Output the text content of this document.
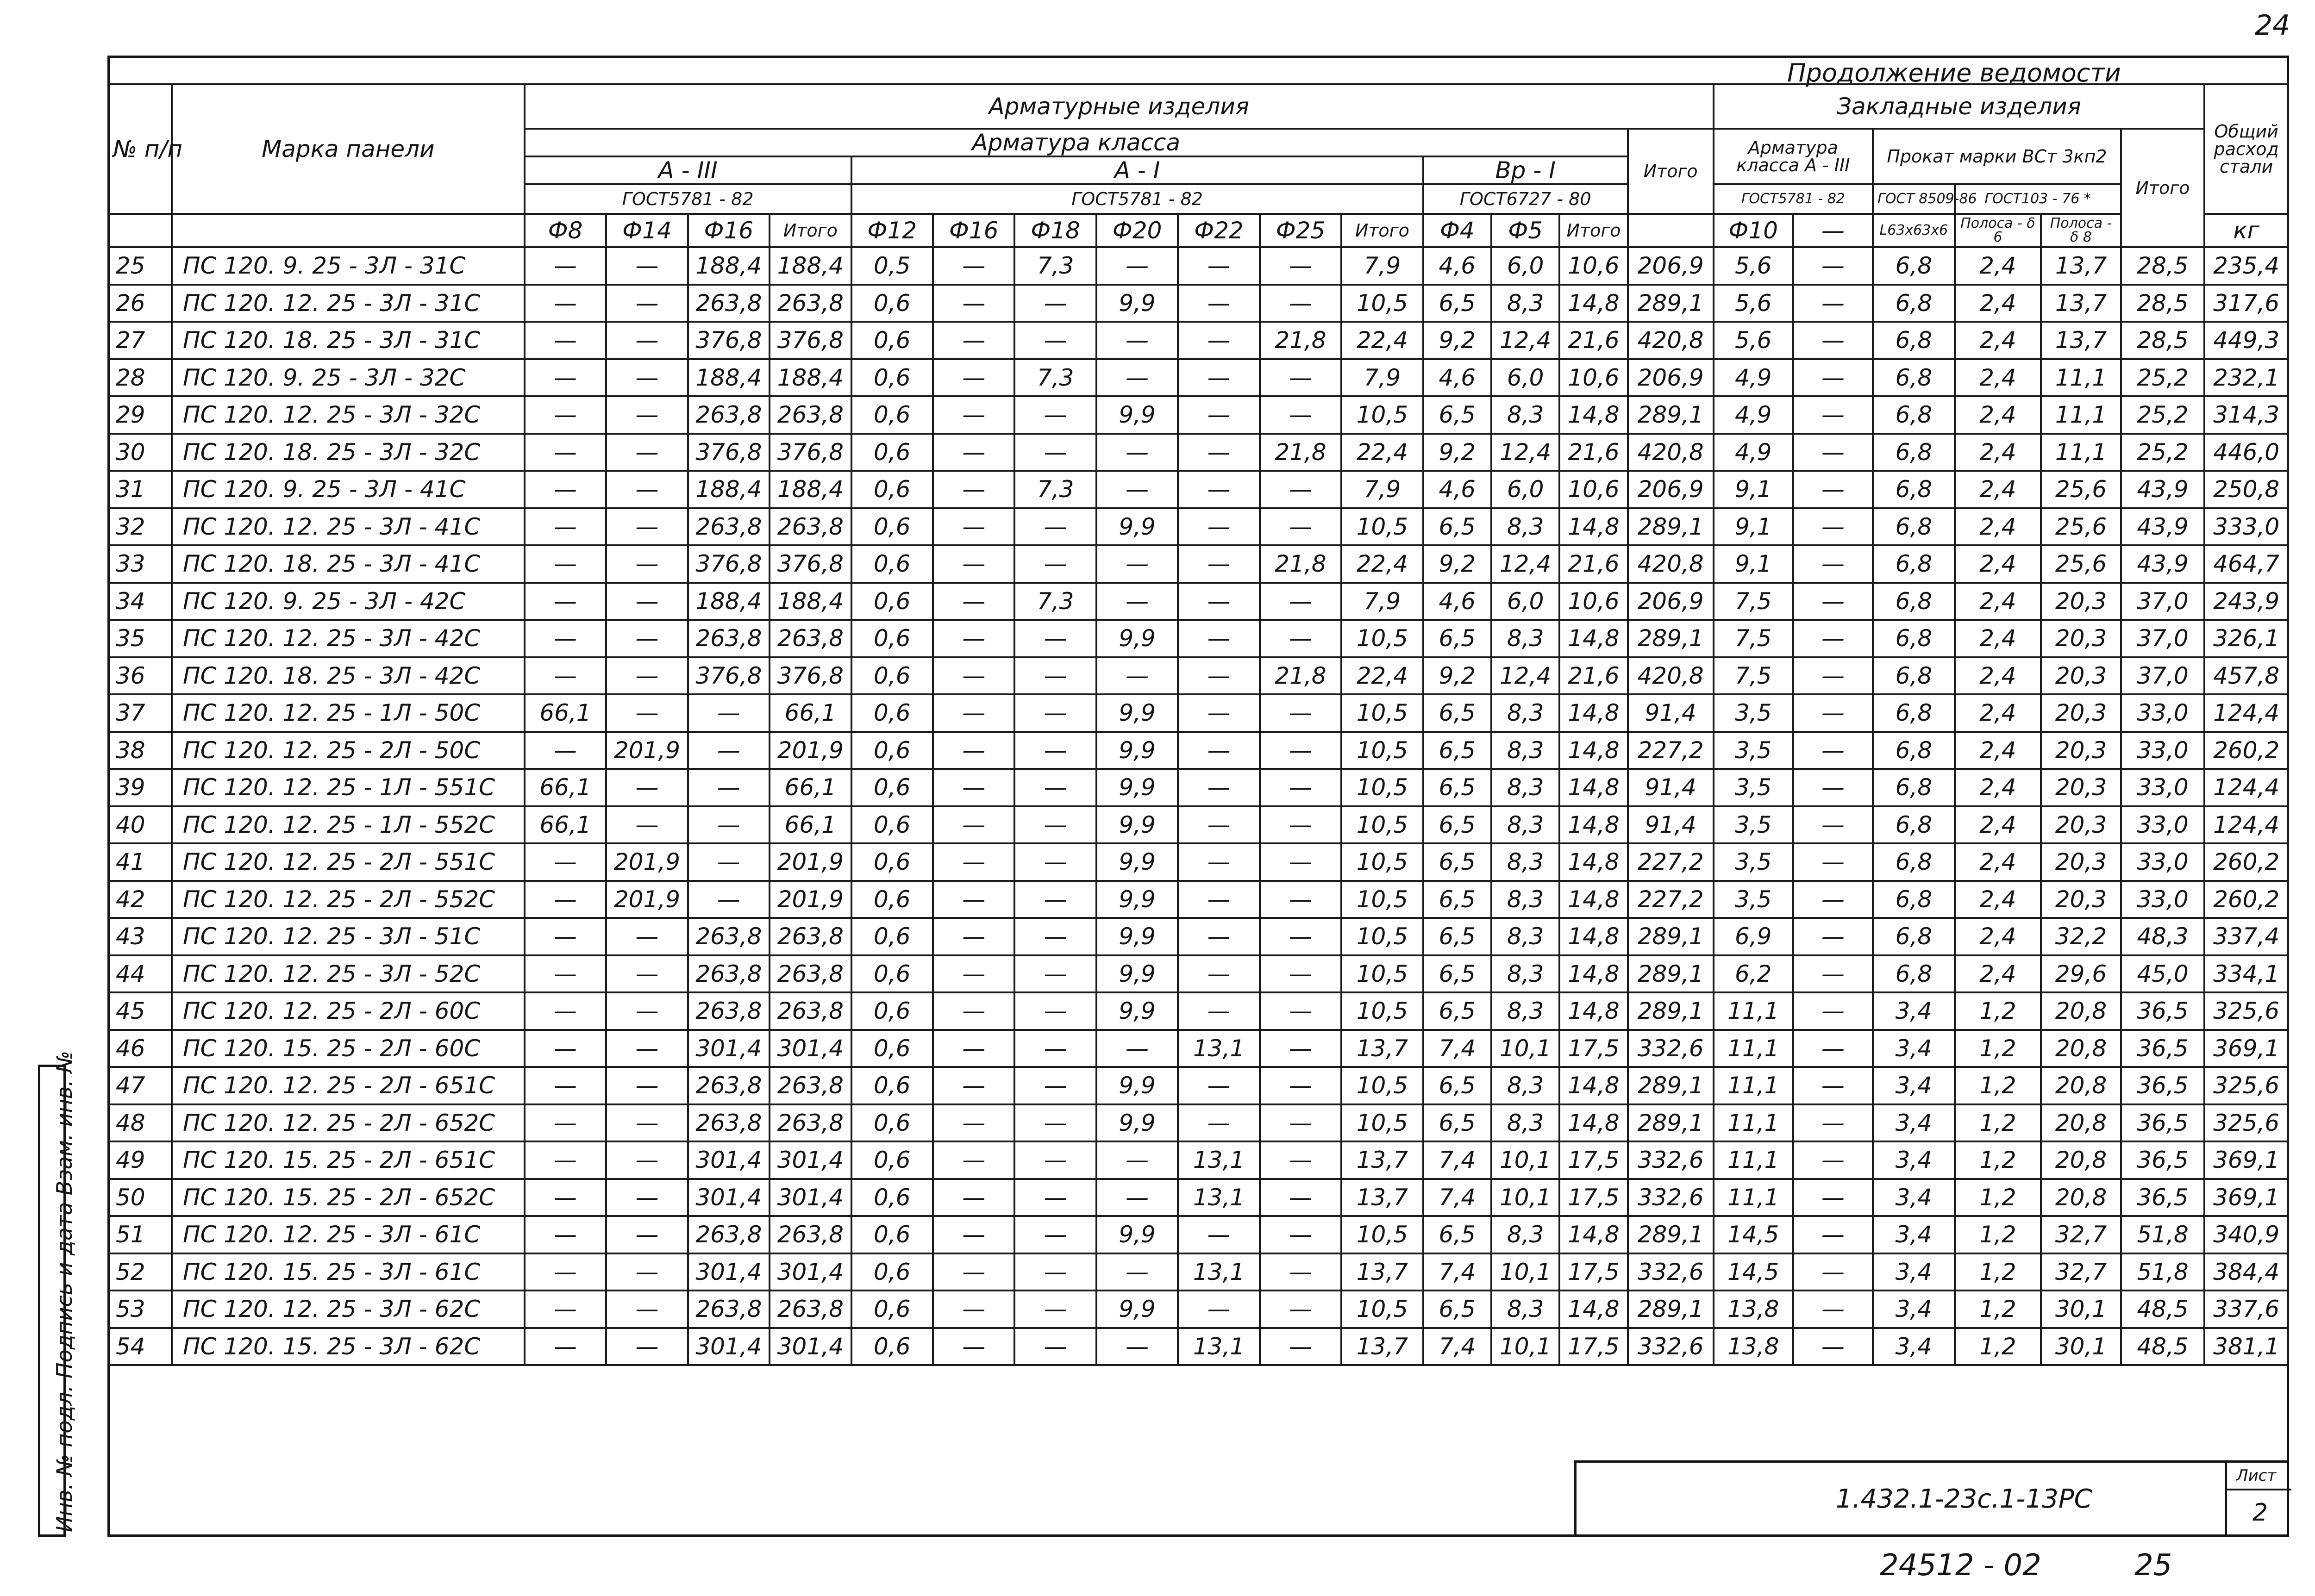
24
Продолжение ведомости
Инв. № подл. Подпись и дата Взам. инв. №
№ п/п	Марка панели	Арматурные изделия															Закладные изделия						Общий расход стали
		Арматура класса														Итого	Арматура класса А - III		Прокат марки ВСт 3кп2			Итого	
		А - III				А - I							Вр - I										
		ГОСТ5781 - 82				ГОСТ5781 - 82							ГОСТ6727 - 80				ГОСТ5781 - 82		ГОСТ 8509-86	ГОСТ103 - 76 *			
		Ф8	Ф14	Ф16	Итого	Ф12	Ф16	Ф18	Ф20	Ф22	Ф25	Итого	Ф4	Ф5	Итого		Ф10	—	L63x63x6	Полоса - δ 6	Полоса - δ 8		кг
25	ПС 120. 9. 25 - 3Л - 31С	—	—	188,4	188,4	0,5	—	7,3	—	—	—	7,9	4,6	6,0	10,6	206,9	5,6	—	6,8	2,4	13,7	28,5	235,4
26	ПС 120. 12. 25 - 3Л - 31С	—	—	263,8	263,8	0,6	—	—	9,9	—	—	10,5	6,5	8,3	14,8	289,1	5,6	—	6,8	2,4	13,7	28,5	317,6
27	ПС 120. 18. 25 - 3Л - 31С	—	—	376,8	376,8	0,6	—	—	—	—	21,8	22,4	9,2	12,4	21,6	420,8	5,6	—	6,8	2,4	13,7	28,5	449,3
28	ПС 120. 9. 25 - 3Л - 32С	—	—	188,4	188,4	0,6	—	7,3	—	—	—	7,9	4,6	6,0	10,6	206,9	4,9	—	6,8	2,4	11,1	25,2	232,1
29	ПС 120. 12. 25 - 3Л - 32С	—	—	263,8	263,8	0,6	—	—	9,9	—	—	10,5	6,5	8,3	14,8	289,1	4,9	—	6,8	2,4	11,1	25,2	314,3
30	ПС 120. 18. 25 - 3Л - 32С	—	—	376,8	376,8	0,6	—	—	—	—	21,8	22,4	9,2	12,4	21,6	420,8	4,9	—	6,8	2,4	11,1	25,2	446,0
31	ПС 120. 9. 25 - 3Л - 41С	—	—	188,4	188,4	0,6	—	7,3	—	—	—	7,9	4,6	6,0	10,6	206,9	9,1	—	6,8	2,4	25,6	43,9	250,8
32	ПС 120. 12. 25 - 3Л - 41С	—	—	263,8	263,8	0,6	—	—	9,9	—	—	10,5	6,5	8,3	14,8	289,1	9,1	—	6,8	2,4	25,6	43,9	333,0
33	ПС 120. 18. 25 - 3Л - 41С	—	—	376,8	376,8	0,6	—	—	—	—	21,8	22,4	9,2	12,4	21,6	420,8	9,1	—	6,8	2,4	25,6	43,9	464,7
34	ПС 120. 9. 25 - 3Л - 42С	—	—	188,4	188,4	0,6	—	7,3	—	—	—	7,9	4,6	6,0	10,6	206,9	7,5	—	6,8	2,4	20,3	37,0	243,9
35	ПС 120. 12. 25 - 3Л - 42С	—	—	263,8	263,8	0,6	—	—	9,9	—	—	10,5	6,5	8,3	14,8	289,1	7,5	—	6,8	2,4	20,3	37,0	326,1
36	ПС 120. 18. 25 - 3Л - 42С	—	—	376,8	376,8	0,6	—	—	—	—	21,8	22,4	9,2	12,4	21,6	420,8	7,5	—	6,8	2,4	20,3	37,0	457,8
37	ПС 120. 12. 25 - 1Л - 50С	66,1	—	—	66,1	0,6	—	—	9,9	—	—	10,5	6,5	8,3	14,8	91,4	3,5	—	6,8	2,4	20,3	33,0	124,4
38	ПС 120. 12. 25 - 2Л - 50С	—	201,9	—	201,9	0,6	—	—	9,9	—	—	10,5	6,5	8,3	14,8	227,2	3,5	—	6,8	2,4	20,3	33,0	260,2
39	ПС 120. 12. 25 - 1Л - 551С	66,1	—	—	66,1	0,6	—	—	9,9	—	—	10,5	6,5	8,3	14,8	91,4	3,5	—	6,8	2,4	20,3	33,0	124,4
40	ПС 120. 12. 25 - 1Л - 552С	66,1	—	—	66,1	0,6	—	—	9,9	—	—	10,5	6,5	8,3	14,8	91,4	3,5	—	6,8	2,4	20,3	33,0	124,4
41	ПС 120. 12. 25 - 2Л - 551С	—	201,9	—	201,9	0,6	—	—	9,9	—	—	10,5	6,5	8,3	14,8	227,2	3,5	—	6,8	2,4	20,3	33,0	260,2
42	ПС 120. 12. 25 - 2Л - 552С	—	201,9	—	201,9	0,6	—	—	9,9	—	—	10,5	6,5	8,3	14,8	227,2	3,5	—	6,8	2,4	20,3	33,0	260,2
43	ПС 120. 12. 25 - 3Л - 51С	—	—	263,8	263,8	0,6	—	—	9,9	—	—	10,5	6,5	8,3	14,8	289,1	6,9	—	6,8	2,4	32,2	48,3	337,4
44	ПС 120. 12. 25 - 3Л - 52С	—	—	263,8	263,8	0,6	—	—	9,9	—	—	10,5	6,5	8,3	14,8	289,1	6,2	—	6,8	2,4	29,6	45,0	334,1
45	ПС 120. 12. 25 - 2Л - 60С	—	—	263,8	263,8	0,6	—	—	9,9	—	—	10,5	6,5	8,3	14,8	289,1	11,1	—	3,4	1,2	20,8	36,5	325,6
46	ПС 120. 15. 25 - 2Л - 60С	—	—	301,4	301,4	0,6	—	—	—	13,1	—	13,7	7,4	10,1	17,5	332,6	11,1	—	3,4	1,2	20,8	36,5	369,1
47	ПС 120. 12. 25 - 2Л - 651С	—	—	263,8	263,8	0,6	—	—	9,9	—	—	10,5	6,5	8,3	14,8	289,1	11,1	—	3,4	1,2	20,8	36,5	325,6
48	ПС 120. 12. 25 - 2Л - 652С	—	—	263,8	263,8	0,6	—	—	9,9	—	—	10,5	6,5	8,3	14,8	289,1	11,1	—	3,4	1,2	20,8	36,5	325,6
49	ПС 120. 15. 25 - 2Л - 651С	—	—	301,4	301,4	0,6	—	—	—	13,1	—	13,7	7,4	10,1	17,5	332,6	11,1	—	3,4	1,2	20,8	36,5	369,1
50	ПС 120. 15. 25 - 2Л - 652С	—	—	301,4	301,4	0,6	—	—	—	13,1	—	13,7	7,4	10,1	17,5	332,6	11,1	—	3,4	1,2	20,8	36,5	369,1
51	ПС 120. 12. 25 - 3Л - 61С	—	—	263,8	263,8	0,6	—	—	9,9	—	—	10,5	6,5	8,3	14,8	289,1	14,5	—	3,4	1,2	32,7	51,8	340,9
52	ПС 120. 15. 25 - 3Л - 61С	—	—	301,4	301,4	0,6	—	—	—	13,1	—	13,7	7,4	10,1	17,5	332,6	14,5	—	3,4	1,2	32,7	51,8	384,4
53	ПС 120. 12. 25 - 3Л - 62С	—	—	263,8	263,8	0,6	—	—	9,9	—	—	10,5	6,5	8,3	14,8	289,1	13,8	—	3,4	1,2	30,1	48,5	337,6
54	ПС 120. 15. 25 - 3Л - 62С	—	—	301,4	301,4	0,6	—	—	—	13,1	—	13,7	7,4	10,1	17,5	332,6	13,8	—	3,4	1,2	30,1	48,5	381,1
1.432.1-23с.1-13РС
Лист
2
24512 - 02	25
